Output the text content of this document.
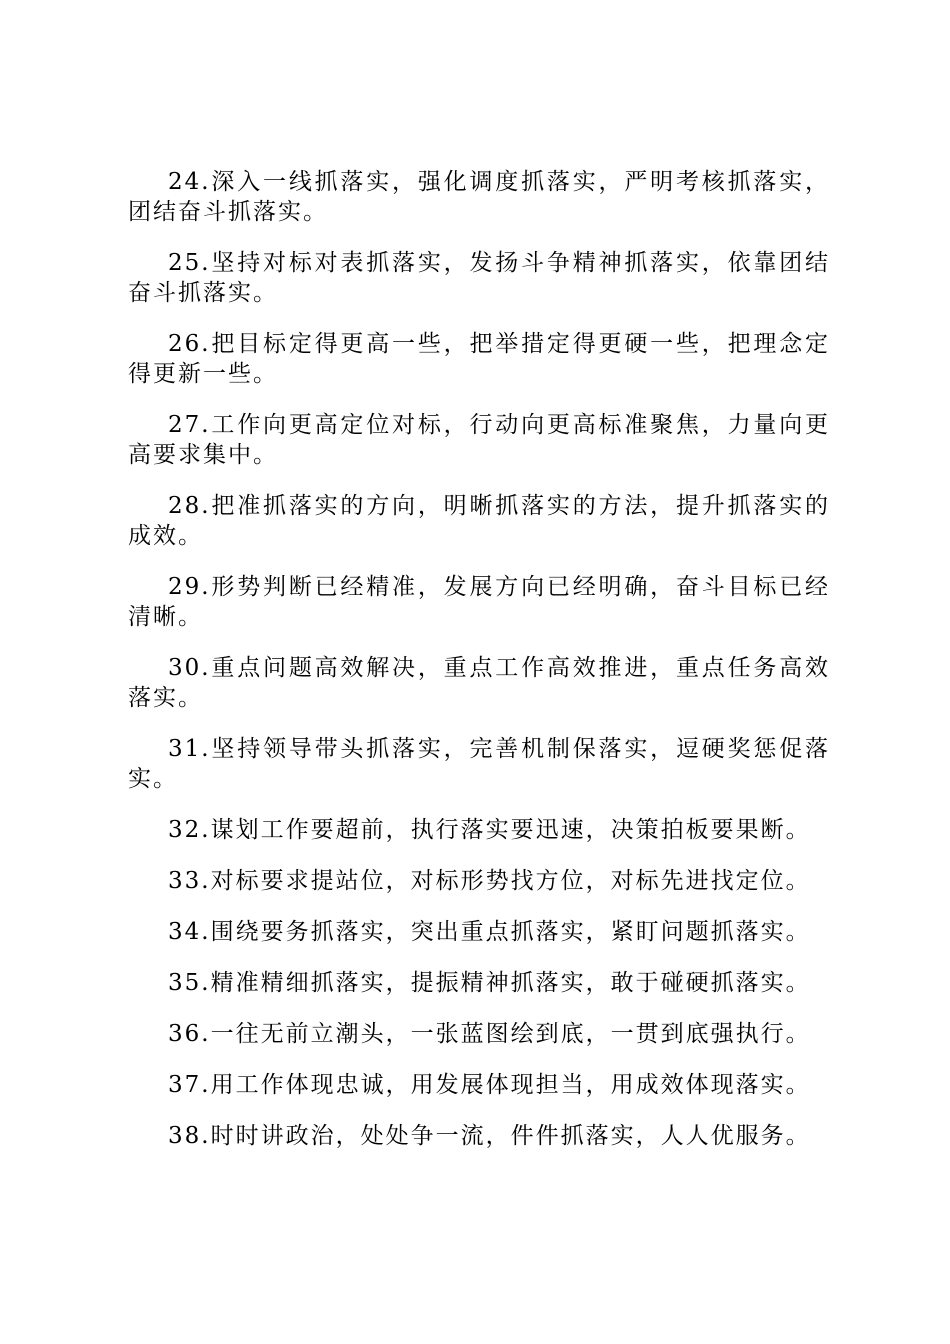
24.深入一线抓落实，强化调度抓落实，严明考核抓落实，团结奋斗抓落实。

25.坚持对标对表抓落实，发扬斗争精神抓落实，依靠团结奋斗抓落实。

26.把目标定得更高一些，把举措定得更硬一些，把理念定得更新一些。

27.工作向更高定位对标，行动向更高标准聚焦，力量向更高要求集中。

28.把准抓落实的方向，明晰抓落实的方法，提升抓落实的成效。

29.形势判断已经精准，发展方向已经明确，奋斗目标已经清晰。

30.重点问题高效解决，重点工作高效推进，重点任务高效落实。

31.坚持领导带头抓落实，完善机制保落实，逗硬奖惩促落实。

32.谋划工作要超前，执行落实要迅速，决策拍板要果断。

33.对标要求提站位，对标形势找方位，对标先进找定位。

34.围绕要务抓落实，突出重点抓落实，紧盯问题抓落实。

35.精准精细抓落实，提振精神抓落实，敢于碰硬抓落实。

36.一往无前立潮头，一张蓝图绘到底，一贯到底强执行。

37.用工作体现忠诚，用发展体现担当，用成效体现落实。

38.时时讲政治，处处争一流，件件抓落实，人人优服务。
